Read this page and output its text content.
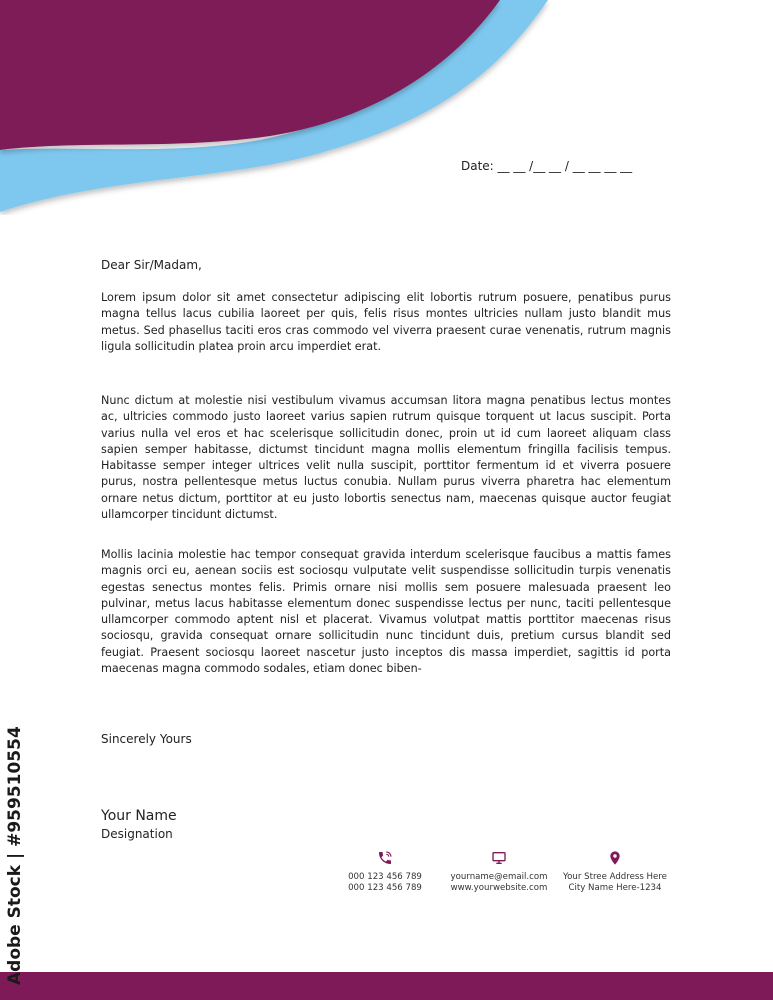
Date: __ __ /__ __ / __ __ __ __
Dear Sir/Madam,

Lorem ipsum dolor sit amet consectetur adipiscing elit lobortis rutrum posuere, penatibus purus magna tellus lacus cubilia laoreet per quis, felis risus montes ultricies nullam justo blandit mus metus. Sed phasellus taciti eros cras commodo vel viverra praesent curae venenatis, rutrum magnis ligula sollicitudin platea proin arcu imperdiet erat.

Nunc dictum at molestie nisi vestibulum vivamus accumsan litora magna penatibus lectus montes ac, ultricies commodo justo laoreet varius sapien rutrum quisque torquent ut lacus suscipit. Porta varius nulla vel eros et hac scelerisque sollicitudin donec, proin ut id cum laoreet aliquam class sapien semper habitasse, dictumst tincidunt magna mollis elementum fringilla facilisis tempus. Habitasse semper integer ultrices velit nulla suscipit, porttitor fermentum id et viverra posuere purus, nostra pellentesque metus luctus conubia. Nullam purus viverra pharetra hac elementum ornare netus dictum, porttitor at eu justo lobortis senectus nam, maecenas quisque auctor feugiat ullamcorper tincidunt dictumst.

Mollis lacinia molestie hac tempor consequat gravida interdum scelerisque faucibus a mattis fames magnis orci eu, aenean sociis est sociosqu vulputate velit suspendisse sollicitudin turpis venenatis egestas senectus montes felis. Primis ornare nisi mollis sem posuere malesuada praesent leo pulvinar, metus lacus habitasse elementum donec suspendisse lectus per nunc, taciti pellentesque ullamcorper commodo aptent nisl et placerat. Vivamus volutpat mattis porttitor maecenas risus sociosqu, gravida consequat ornare sollicitudin nunc tincidunt duis, pretium cursus blandit sed feugiat. Praesent sociosqu laoreet nascetur justo inceptos dis massa imperdiet, sagittis id porta maecenas magna commodo sodales, etiam donec biben-

Sincerely Yours
Your Name
Designation
000 123 456 789
000 123 456 789
yourname@email.com
www.yourwebsite.com
Your Stree Address Here
City Name Here-1234
Adobe Stock | #959510554
